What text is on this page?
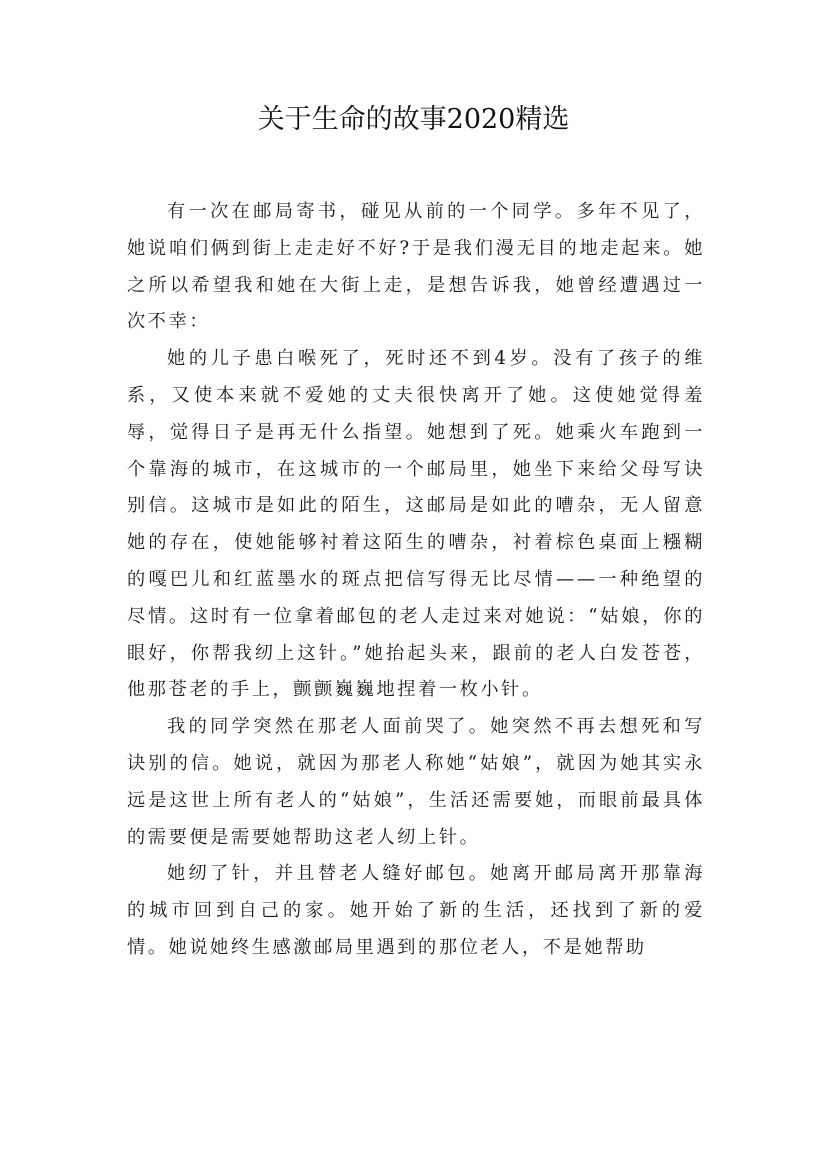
关于生命的故事2020精选

有一次在邮局寄书，碰见从前的一个同学。多年不见了，她说咱们俩到街上走走好不好?于是我们漫无目的地走起来。她之所以希望我和她在大街上走，是想告诉我，她曾经遭遇过一次不幸：

她的儿子患白喉死了，死时还不到4岁。没有了孩子的维系，又使本来就不爱她的丈夫很快离开了她。这使她觉得羞辱，觉得日子是再无什么指望。她想到了死。她乘火车跑到一个靠海的城市，在这城市的一个邮局里，她坐下来给父母写诀别信。这城市是如此的陌生，这邮局是如此的嘈杂，无人留意她的存在，使她能够衬着这陌生的嘈杂，衬着棕色桌面上糨糊的嘎巴儿和红蓝墨水的斑点把信写得无比尽情——一种绝望的尽情。这时有一位拿着邮包的老人走过来对她说：“姑娘，你的眼好，你帮我纫上这针。”她抬起头来，跟前的老人白发苍苍，他那苍老的手上，颤颤巍巍地捏着一枚小针。

我的同学突然在那老人面前哭了。她突然不再去想死和写诀别的信。她说，就因为那老人称她“姑娘”，就因为她其实永远是这世上所有老人的“姑娘”，生活还需要她，而眼前最具体的需要便是需要她帮助这老人纫上针。

她纫了针，并且替老人缝好邮包。她离开邮局离开那靠海的城市回到自己的家。她开始了新的生活，还找到了新的爱情。她说她终生感激邮局里遇到的那位老人，不是她帮助
